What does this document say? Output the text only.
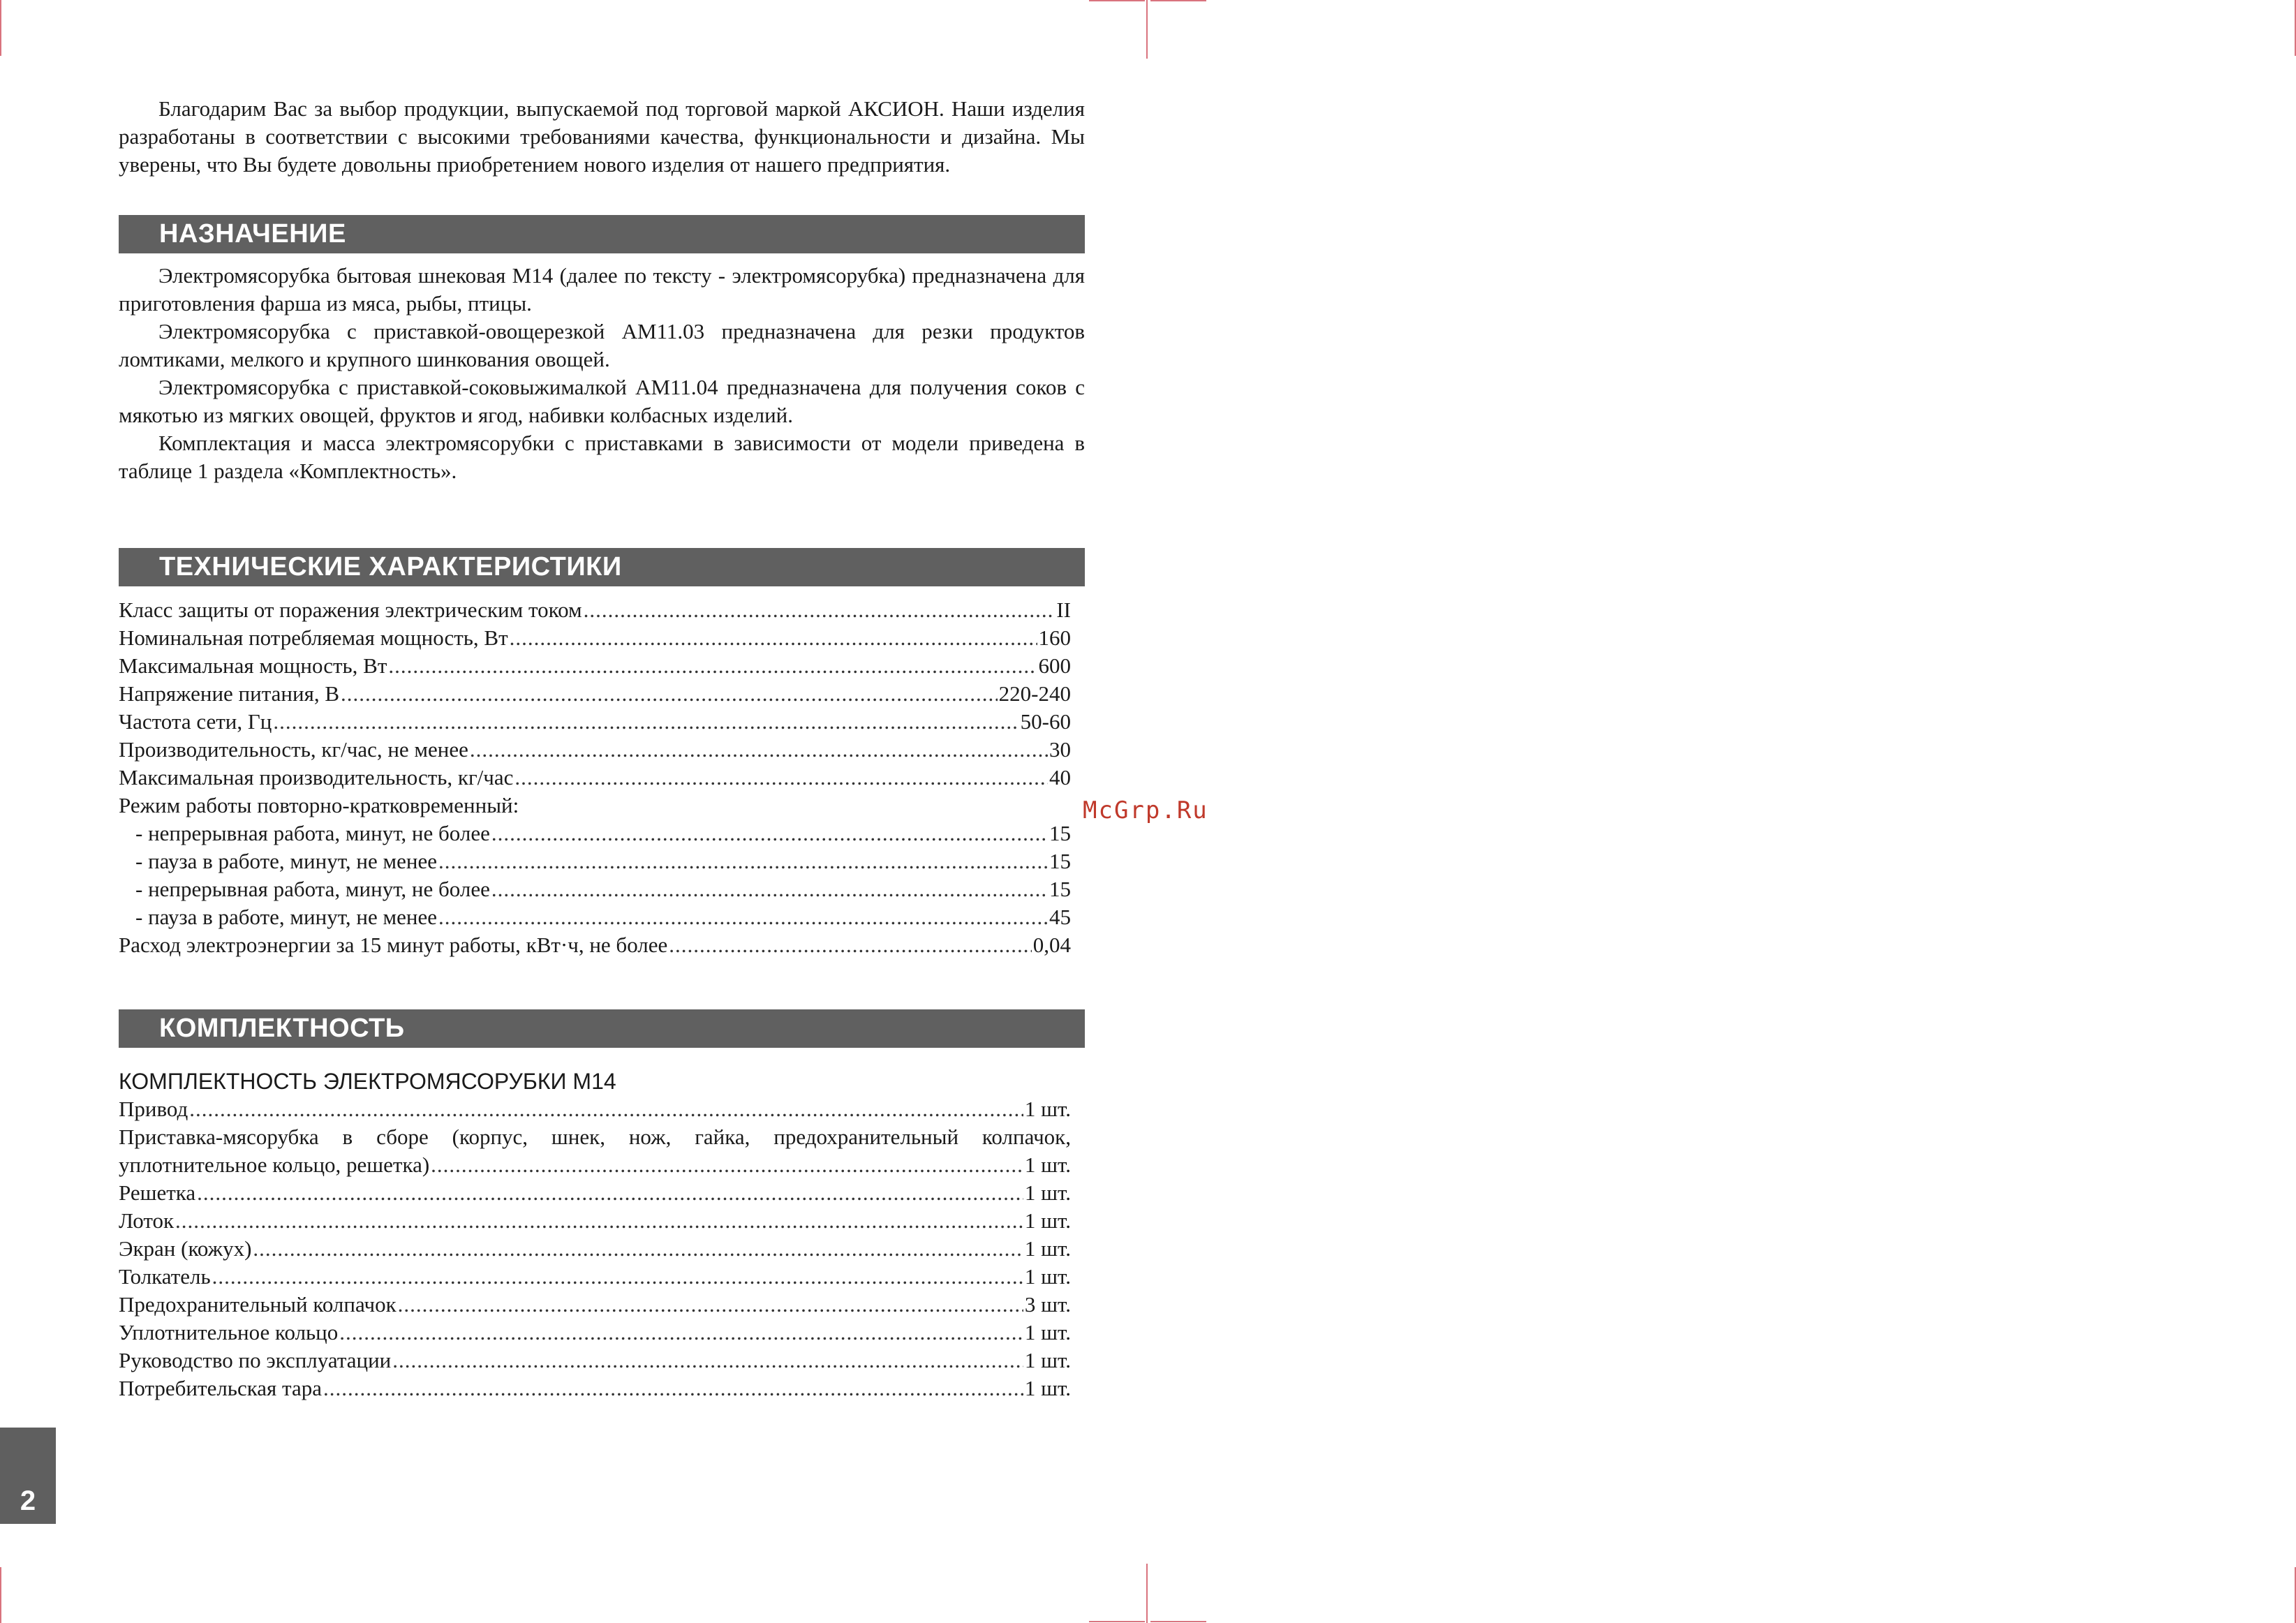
Благодарим Вас за выбор продукции, выпускаемой под торговой маркой АКСИОН. Наши изделия разработаны в соответствии с высокими требованиями качества, функциональности и дизайна. Мы уверены, что Вы будете довольны приобретением нового изделия от нашего предприятия.

НАЗНАЧЕНИЕ

Электромясорубка бытовая шнековая М14 (далее по тексту - электромясорубка) предназначена для приготовления фарша из мяса, рыбы, птицы.

Электромясорубка с приставкой-овощерезкой АМ11.03 предназначена для резки продуктов ломтиками, мелкого и крупного шинкования овощей.

Электромясорубка с приставкой-соковыжималкой АМ11.04 предназначена для получения соков с мякотью из мягких овощей, фруктов и ягод, набивки колбасных изделий.

Комплектация и масса электромясорубки с приставками в зависимости от модели приведена в таблице 1 раздела «Комплектность».

ТЕХНИЧЕСКИЕ ХАРАКТЕРИСТИКИ
Класс защиты от поражения электрическим током .....	II
Номинальная потребляемая мощность, Вт .....	160
Максимальная мощность, Вт .....	600
Напряжение питания, В .....	220-240
Частота сети, Гц .....	50-60
Производительность, кг/час, не менее .....	30
Максимальная производительность, кг/час .....	40

Режим работы повторно-кратковременный:

- непрерывная работа, минут, не более .....	15
- пауза в работе, минут, не менее .....	15
- непрерывная работа, минут, не более .....	15
- пауза в работе, минут, не менее .....	45
Расход электроэнергии за 15 минут работы, кВт·ч, не более .....	0,04
КОМПЛЕКТНОСТЬ

КОМПЛЕКТНОСТЬ ЭЛЕКТРОМЯСОРУБКИ М14

Привод .....	1 шт.

Приставка-мясорубка в сборе (корпус, шнек, нож, гайка, предохранительный колпачок,

уплотнительное кольцо, решетка) .....	1 шт.
Решетка .....	1 шт.
Лоток .....	1 шт.
Экран (кожух) .....	1 шт.
Толкатель .....	1 шт.
Предохранительный колпачок .....	3 шт.
Уплотнительное кольцо .....	1 шт.
Руководство по эксплуатации .....	1 шт.
Потребительская тара .....	1 шт.
McGrp.Ru
2
